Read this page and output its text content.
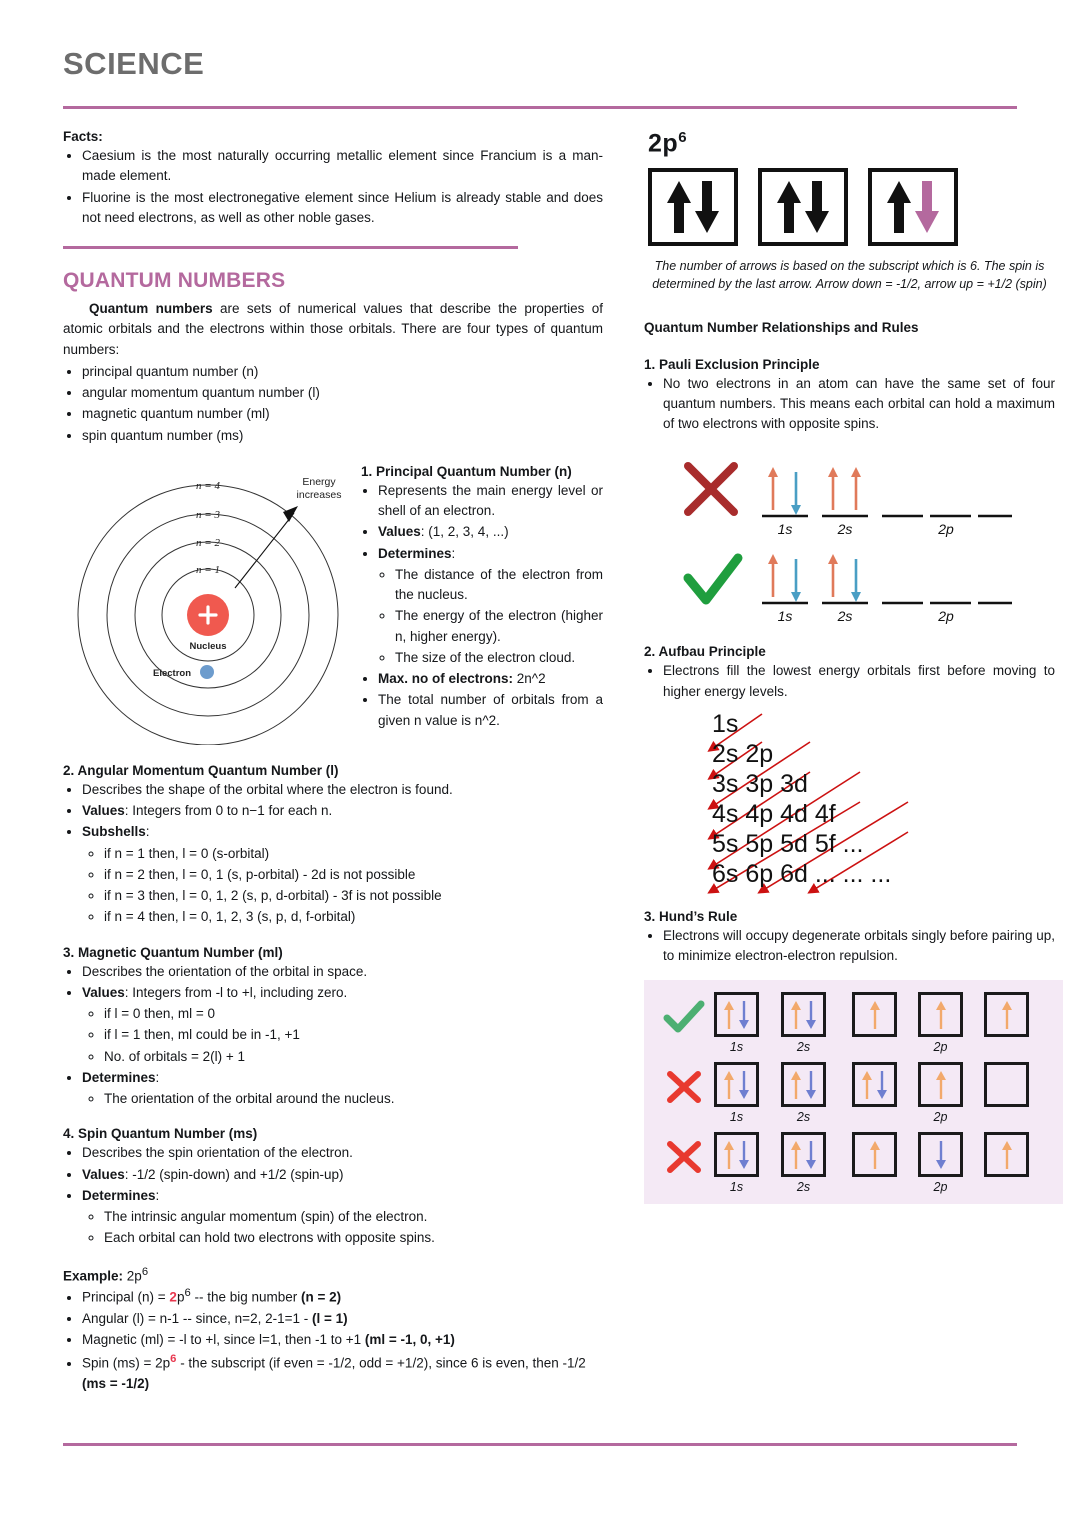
SCIENCE
Facts:
• Caesium is the most naturally occurring metallic element since Francium is a man-made element.
• Fluorine is the most electronegative element since Helium is already stable and does not need electrons, as well as other noble gases.
QUANTUM NUMBERS

Quantum numbers are sets of numerical values that describe the properties of atomic orbitals and the electrons within those orbitals. There are four types of quantum numbers:

• principal quantum number (n)
• angular momentum quantum number (l)
• magnetic quantum number (ml)
• spin quantum number (ms)
n = 4
n = 3
n = 2
n = 1
Energy
increases
Nucleus
Electron
1. Principal Quantum Number (n)
• Represents the main energy level or shell of an electron.
• Values: (1, 2, 3, 4, ...)
• Determines:
◦ The distance of the electron from the nucleus.
◦ The energy of the electron (higher n, higher energy).
◦ The size of the electron cloud.
• Max. no of electrons: 2n^2
• The total number of orbitals from a given n value is n^2.
2. Angular Momentum Quantum Number (l)
• Describes the shape of the orbital where the electron is found.
• Values: Integers from 0 to n−1 for each n.
• Subshells:
◦ if n = 1 then, l = 0 (s-orbital)
◦ if n = 2 then, l = 0, 1 (s, p-orbital) - 2d is not possible
◦ if n = 3 then, l = 0, 1, 2 (s, p, d-orbital) - 3f is not possible
◦ if n = 4 then, l = 0, 1, 2, 3 (s, p, d, f-orbital)
3. Magnetic Quantum Number (ml)
• Describes the orientation of the orbital in space.
• Values: Integers from -l to +l, including zero.
◦ if l = 0 then, ml = 0
◦ if l = 1 then, ml could be in -1, +1
◦ No. of orbitals = 2(l) + 1
• Determines:
◦ The orientation of the orbital around the nucleus.
4. Spin Quantum Number (ms)
• Describes the spin orientation of the electron.
• Values: -1/2 (spin-down) and +1/2 (spin-up)
• Determines:
◦ The intrinsic angular momentum (spin) of the electron.
◦ Each orbital can hold two electrons with opposite spins.
Example: $2p^6$
• Principal $(n) = 2p^6$ -- the big number (n = 2)
• Angular (l) = n-1 -- since, n=2, 2-1=1 - (l = 1)
• Magnetic (ml) = -l to +l, since l=1, then -1 to +1 (ml = -1, 0, +1)
• Spin $(ms) = 2p^6$ - the subscript (if even = -1/2, odd = +1/2), since 6 is even, then -1/2 (ms = -1/2)
$2p^6$
The number of arrows is based on the subscript which is 6. The spin is determined by the last arrow. Arrow down = -1/2, arrow up = +1/2 (spin)
Quantum Number Relationships and Rules
1. Pauli Exclusion Principle
• No two electrons in an atom can have the same set of four quantum numbers. This means each orbital can hold a maximum of two electrons with opposite spins.
1s	2s	2p
1s	2s	2p
2. Aufbau Principle
• Electrons fill the lowest energy orbitals first before moving to higher energy levels.
1s
2s 2p
3s 3p 3d
4s 4p 4d 4f
5s 5p 5d 5f ...
6s 6p 6d ... ... ...
3. Hund’s Rule
• Electrons will occupy degenerate orbitals singly before pairing up, to minimize electron-electron repulsion.
1s	2s	2p
1s	2s	2p
1s	2s	2p
